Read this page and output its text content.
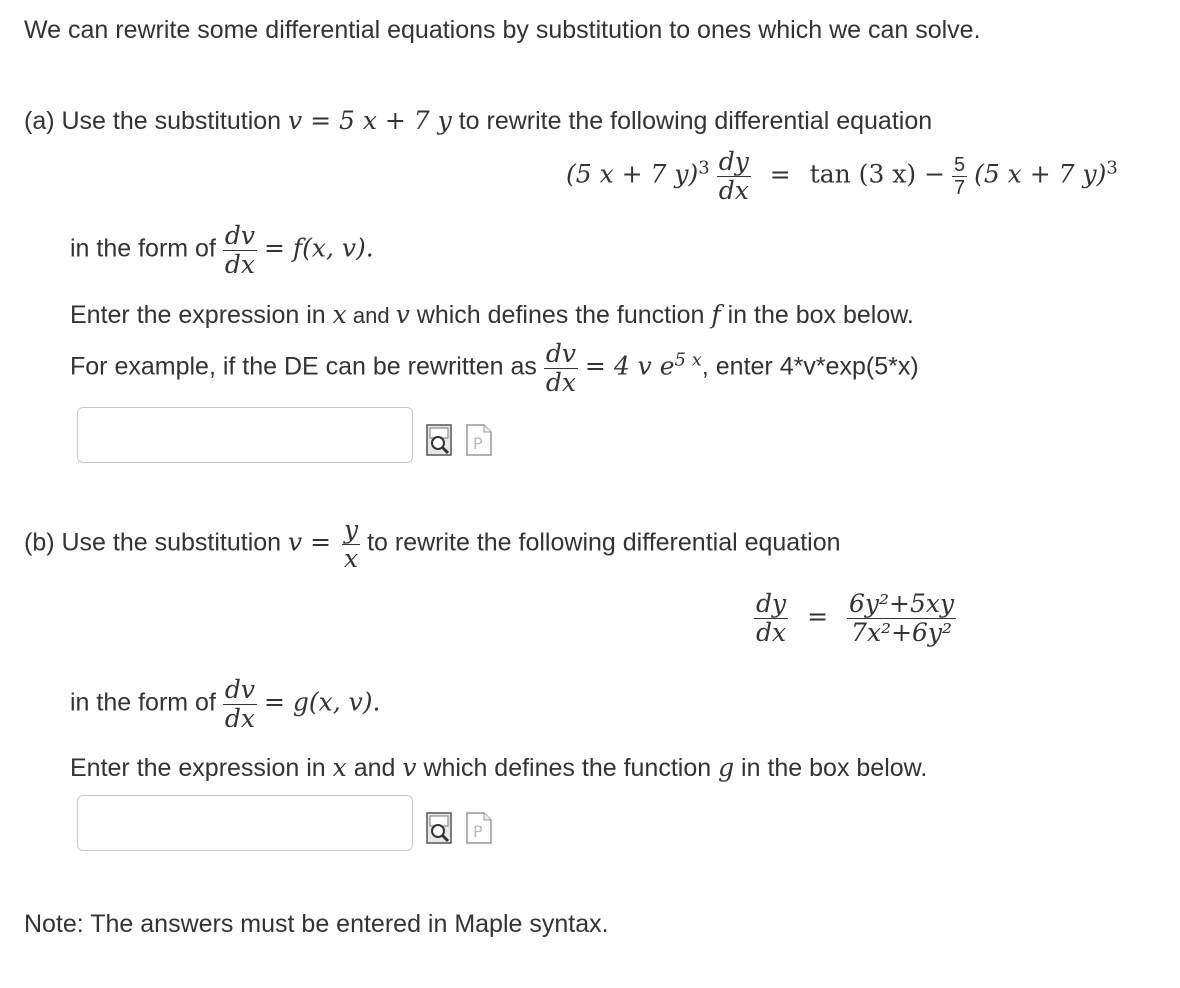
We can rewrite some differential equations by substitution to ones which we can solve.
(a) Use the substitution v = 5 x + 7 y to rewrite the following differential equation
(5 x + 7 $y)^3 \frac{dy}{dx} = \tan (3$ $x) - \frac{5}{7} (5$ x + 7 y)$^3$
in the form of $\frac{dv}{dx} = f(x$, v).
Enter the expression in x and v which defines the function f in the box below.
For example, if the DE can be rewritten as $\frac{dv}{dx} = 4$ v $e^{5 x}$, enter 4*v*exp(5*x)
P
(b) Use the substitution $v = \frac{y}{x}$ to rewrite the following differential equation
$\frac{dy}{dx} = \frac{\text{6y²+5xy}}{\text{7x²+6y²}}$
in the form of $\frac{dv}{dx} = g(x$, v).
Enter the expression in x and v which defines the function g in the box below.
P
Note: The answers must be entered in Maple syntax.
